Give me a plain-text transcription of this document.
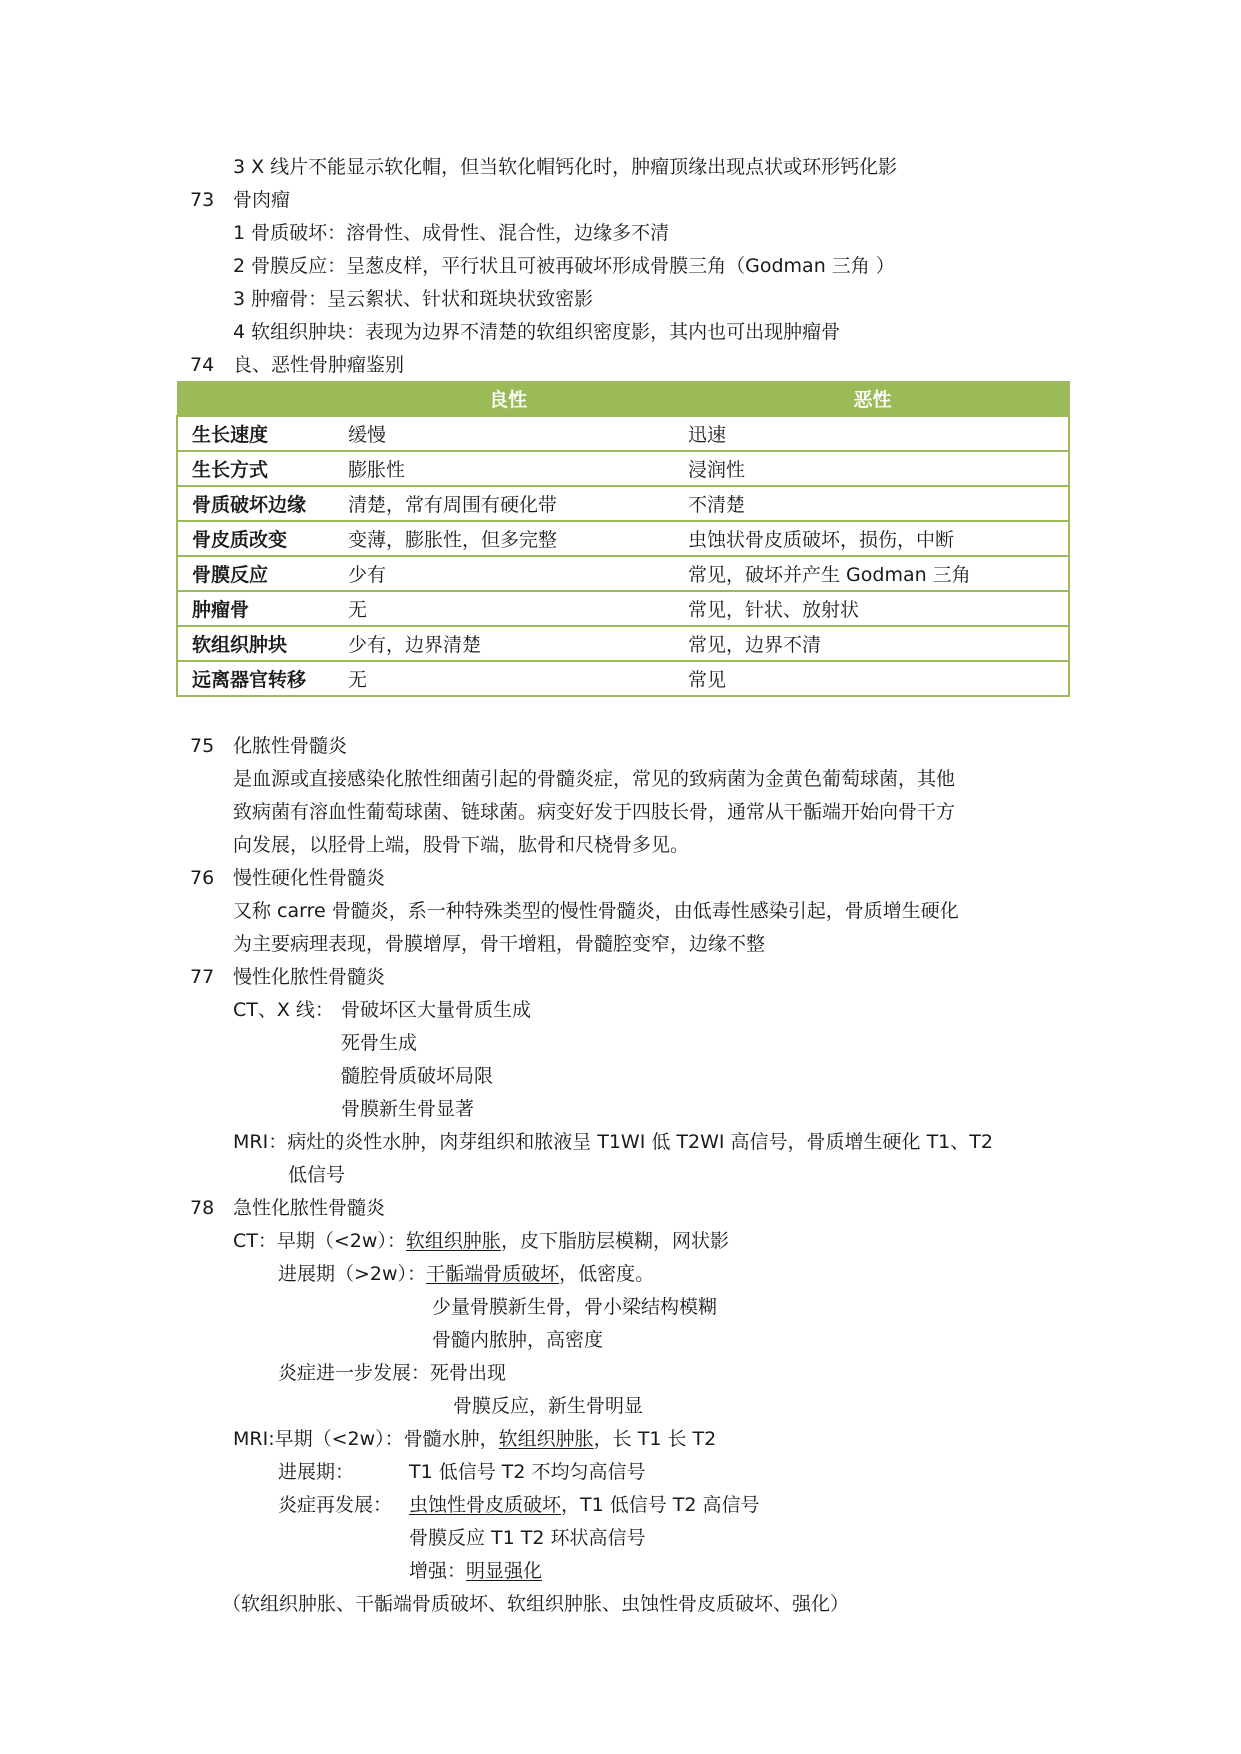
3 X 线片不能显示软化帽，但当软化帽钙化时，肿瘤顶缘出现点状或环形钙化影
73 骨肉瘤
1 骨质破坏：溶骨性、成骨性、混合性，边缘多不清
2 骨膜反应：呈葱皮样，平行状且可被再破坏形成骨膜三角（Godman 三角 ）
3 肿瘤骨：呈云絮状、针状和斑块状致密影
4 软组织肿块：表现为边界不清楚的软组织密度影，其内也可出现肿瘤骨
74 良、恶性骨肿瘤鉴别
	良性	恶性
生长速度	缓慢	迅速
生长方式	膨胀性	浸润性
骨质破坏边缘	清楚，常有周围有硬化带	不清楚
骨皮质改变	变薄，膨胀性，但多完整	虫蚀状骨皮质破坏，损伤，中断
骨膜反应	少有	常见，破坏并产生 Godman 三角
肿瘤骨	无	常见，针状、放射状
软组织肿块	少有，边界清楚	常见，边界不清
远离器官转移	无	常见
75 化脓性骨髓炎
是血源或直接感染化脓性细菌引起的骨髓炎症，常见的致病菌为金黄色葡萄球菌，其他
致病菌有溶血性葡萄球菌、链球菌。病变好发于四肢长骨，通常从干骺端开始向骨干方
向发展，以胫骨上端，股骨下端，肱骨和尺桡骨多见。
76 慢性硬化性骨髓炎
又称 carre 骨髓炎，系一种特殊类型的慢性骨髓炎，由低毒性感染引起，骨质增生硬化
为主要病理表现，骨膜增厚，骨干增粗，骨髓腔变窄，边缘不整
77 慢性化脓性骨髓炎
CT、X 线： 骨破坏区大量骨质生成
死骨生成
髓腔骨质破坏局限
骨膜新生骨显著
MRI：病灶的炎性水肿，肉芽组织和脓液呈 T1WI 低 T2WI 高信号，骨质增生硬化 T1、T2
低信号
78 急性化脓性骨髓炎
CT：早期（<2w）：软组织肿胀，皮下脂肪层模糊，网状影
进展期（>2w）：干骺端骨质破坏，低密度。
少量骨膜新生骨，骨小梁结构模糊
骨髓内脓肿，高密度
炎症进一步发展：死骨出现
骨膜反应，新生骨明显
MRI:早期（<2w）：骨髓水肿，软组织肿胀，长 T1 长 T2
进展期：	T1 低信号 T2 不均匀高信号
炎症再发展： 虫蚀性骨皮质破坏，T1 低信号 T2 高信号
骨膜反应 T1 T2 环状高信号
增强：明显强化
（软组织肿胀、干骺端骨质破坏、软组织肿胀、虫蚀性骨皮质破坏、强化）
